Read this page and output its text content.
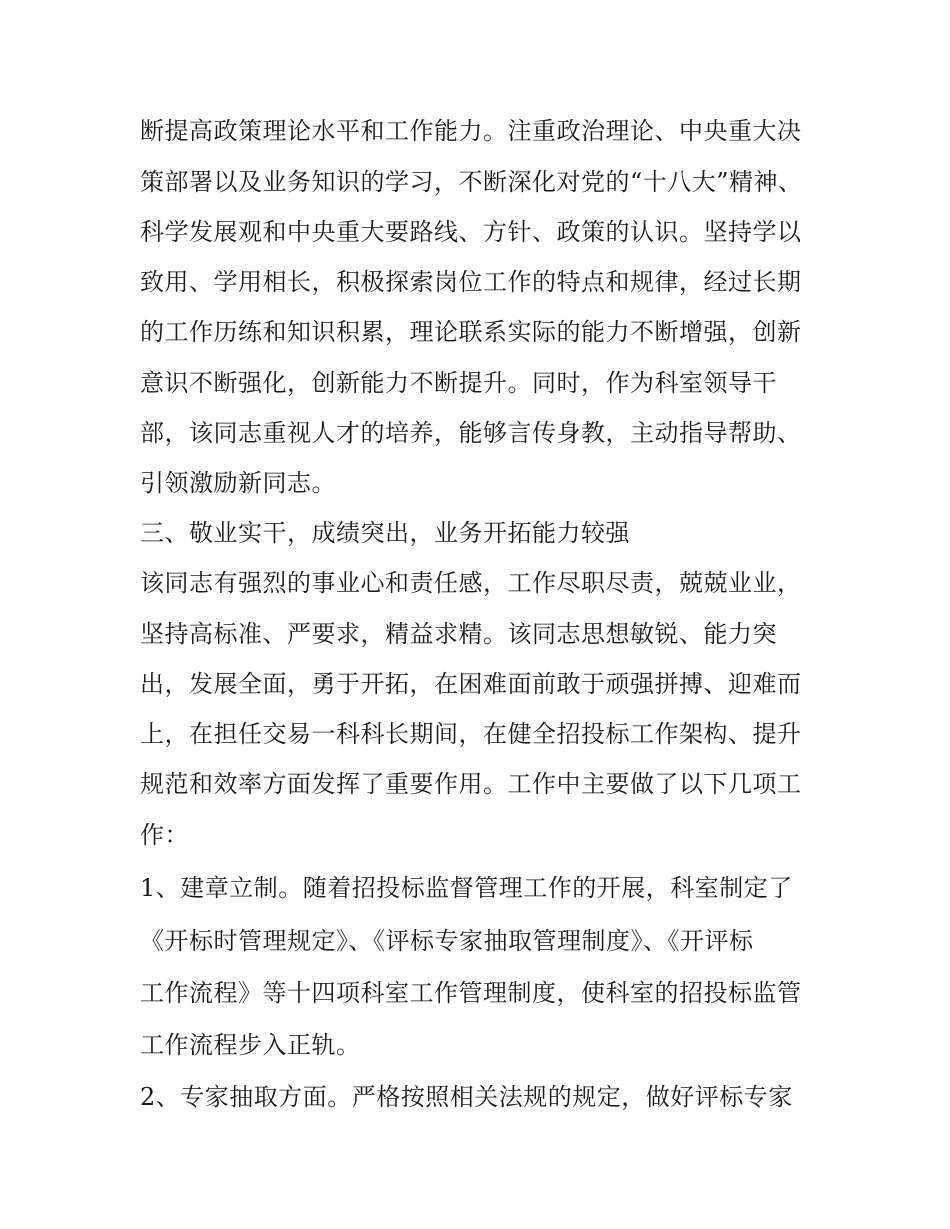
断提高政策理论水平和工作能力。注重政治理论、中央重大决
策部署以及业务知识的学习，不断深化对党的“十八大”精神、
科学发展观和中央重大要路线、方针、政策的认识。坚持学以
致用、学用相长，积极探索岗位工作的特点和规律，经过长期
的工作历练和知识积累，理论联系实际的能力不断增强，创新
意识不断强化，创新能力不断提升。同时，作为科室领导干
部，该同志重视人才的培养，能够言传身教，主动指导帮助、
引领激励新同志。
三、敬业实干，成绩突出，业务开拓能力较强
该同志有强烈的事业心和责任感，工作尽职尽责，兢兢业业，
坚持高标准、严要求，精益求精。该同志思想敏锐、能力突
出，发展全面，勇于开拓，在困难面前敢于顽强拼搏、迎难而
上，在担任交易一科科长期间，在健全招投标工作架构、提升
规范和效率方面发挥了重要作用。工作中主要做了以下几项工
作：
1、建章立制。随着招投标监督管理工作的开展，科室制定了
《开标时管理规定》、《评标专家抽取管理制度》、《开评标
工作流程》等十四项科室工作管理制度，使科室的招投标监管
工作流程步入正轨。
2、专家抽取方面。严格按照相关法规的规定，做好评标专家
